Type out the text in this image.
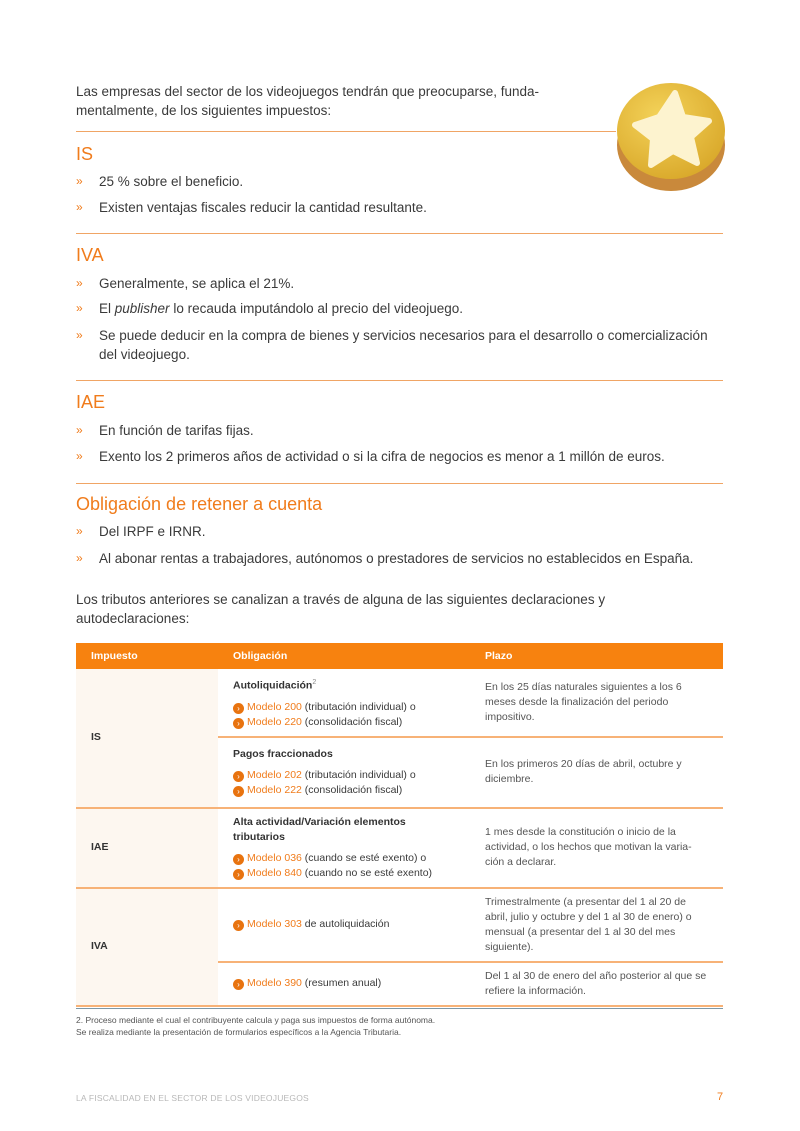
Las empresas del sector de los videojuegos tendrán que preocuparse, funda-
mentalmente, de los siguientes impuestos:
IS
» 25 % sobre el beneficio.
» Existen ventajas fiscales reducir la cantidad resultante.
IVA
» Generalmente, se aplica el 21%.
» El publisher lo recauda imputándolo al precio del videojuego.
» Se puede deducir en la compra de bienes y servicios necesarios para el desarrollo o comercialización del videojuego.
IAE
» En función de tarifas fijas.
» Exento los 2 primeros años de actividad o si la cifra de negocios es menor a 1 millón de euros.
Obligación de retener a cuenta
» Del IRPF e IRNR.
» Al abonar rentas a trabajadores, autónomos o prestadores de servicios no establecidos en España.
Los tributos anteriores se canalizan a través de alguna de las siguientes declaraciones y autodeclaraciones:
Impuesto	Obligación	Plazo
IS	Autoliquidación$^2$
› Modelo 200 (tributación individual) o
› Modelo 220 (consolidación fiscal)	En los 25 días naturales siguientes a los 6 meses desde la finalización del periodo impositivo.

	Pagos fraccionados
› Modelo 202 (tributación individual) o
› Modelo 222 (consolidación fiscal)	En los primeros 20 días de abril, octubre y diciembre.
IAE	Alta actividad/Variación elementos tributarios
› Modelo 036 (cuando se esté exento) o
› Modelo 840 (cuando no se esté exento)	1 mes desde la constitución o inicio de la actividad, o los hechos que motivan la varia-ción a declarar.
IVA	› Modelo 303 de autoliquidación	Trimestralmente (a presentar del 1 al 20 de abril, julio y octubre y del 1 al 30 de enero) o mensual (a presentar del 1 al 30 del mes siguiente).
	› Modelo 390 (resumen anual)	Del 1 al 30 de enero del año posterior al que se refiere la información.
2. Proceso mediante el cual el contribuyente calcula y paga sus impuestos de forma autónoma.
Se realiza mediante la presentación de formularios específicos a la Agencia Tributaria.
LA FISCALIDAD EN EL SECTOR DE LOS VIDEOJUEGOS	7
